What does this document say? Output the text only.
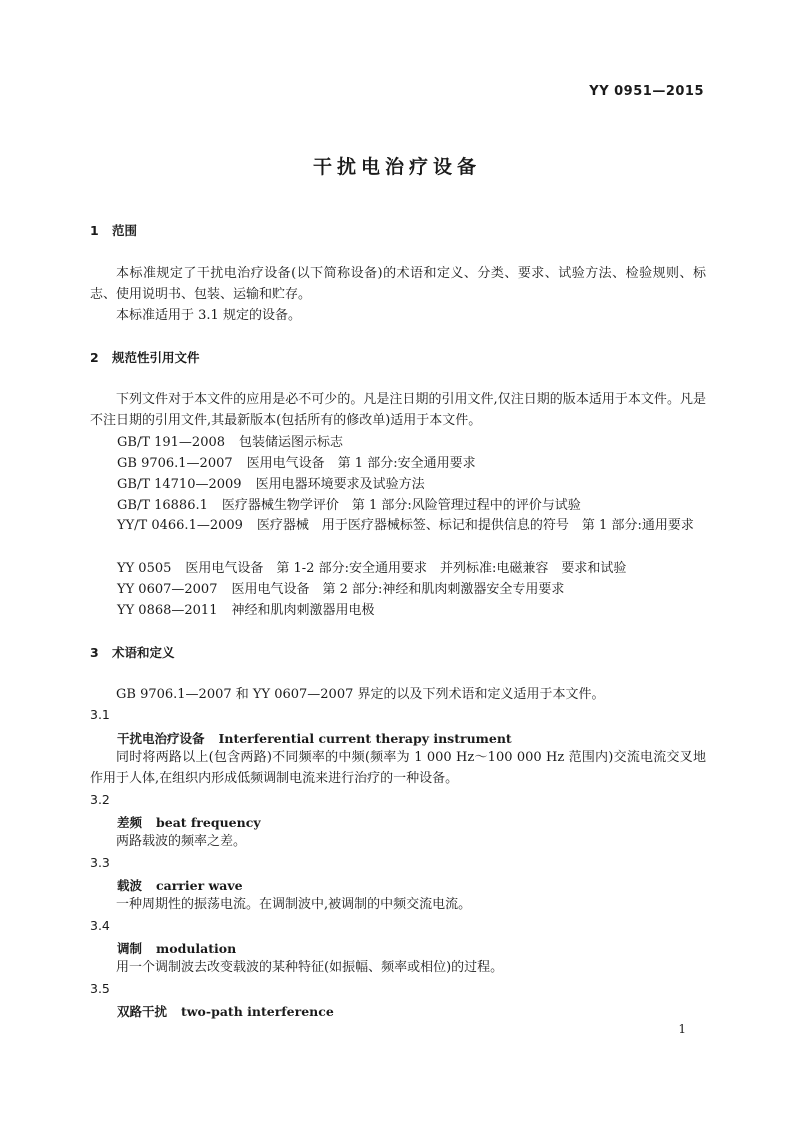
YY 0951—2015
干扰电治疗设备
1 范围
本标准规定了干扰电治疗设备(以下简称设备)的术语和定义、分类、要求、试验方法、检验规则、标志、使用说明书、包装、运输和贮存。
本标准适用于 3.1 规定的设备。
2 规范性引用文件
下列文件对于本文件的应用是必不可少的。凡是注日期的引用文件,仅注日期的版本适用于本文件。凡是不注日期的引用文件,其最新版本(包括所有的修改单)适用于本文件。
GB/T 191—2008 包装储运图示标志
GB 9706.1—2007 医用电气设备　第 1 部分:安全通用要求
GB/T 14710—2009 医用电器环境要求及试验方法
GB/T 16886.1 医疗器械生物学评价　第 1 部分:风险管理过程中的评价与试验
YY/T 0466.1—2009 医疗器械　用于医疗器械标签、标记和提供信息的符号　第 1 部分:通用要求
YY 0505 医用电气设备　第 1-2 部分:安全通用要求　并列标准:电磁兼容　要求和试验
YY 0607—2007 医用电气设备　第 2 部分:神经和肌肉刺激器安全专用要求
YY 0868—2011 神经和肌肉刺激器用电极
3 术语和定义
GB 9706.1—2007 和 YY 0607—2007 界定的以及下列术语和定义适用于本文件。
3.1
干扰电治疗设备 Interferential current therapy instrument
同时将两路以上(包含两路)不同频率的中频(频率为 1 000 Hz～100 000 Hz 范围内)交流电流交叉地作用于人体,在组织内形成低频调制电流来进行治疗的一种设备。
3.2
差频 beat frequency
两路载波的频率之差。
3.3
载波 carrier wave
一种周期性的振荡电流。在调制波中,被调制的中频交流电流。
3.4
调制 modulation
用一个调制波去改变载波的某种特征(如振幅、频率或相位)的过程。
3.5
双路干扰 two-path interference
1
